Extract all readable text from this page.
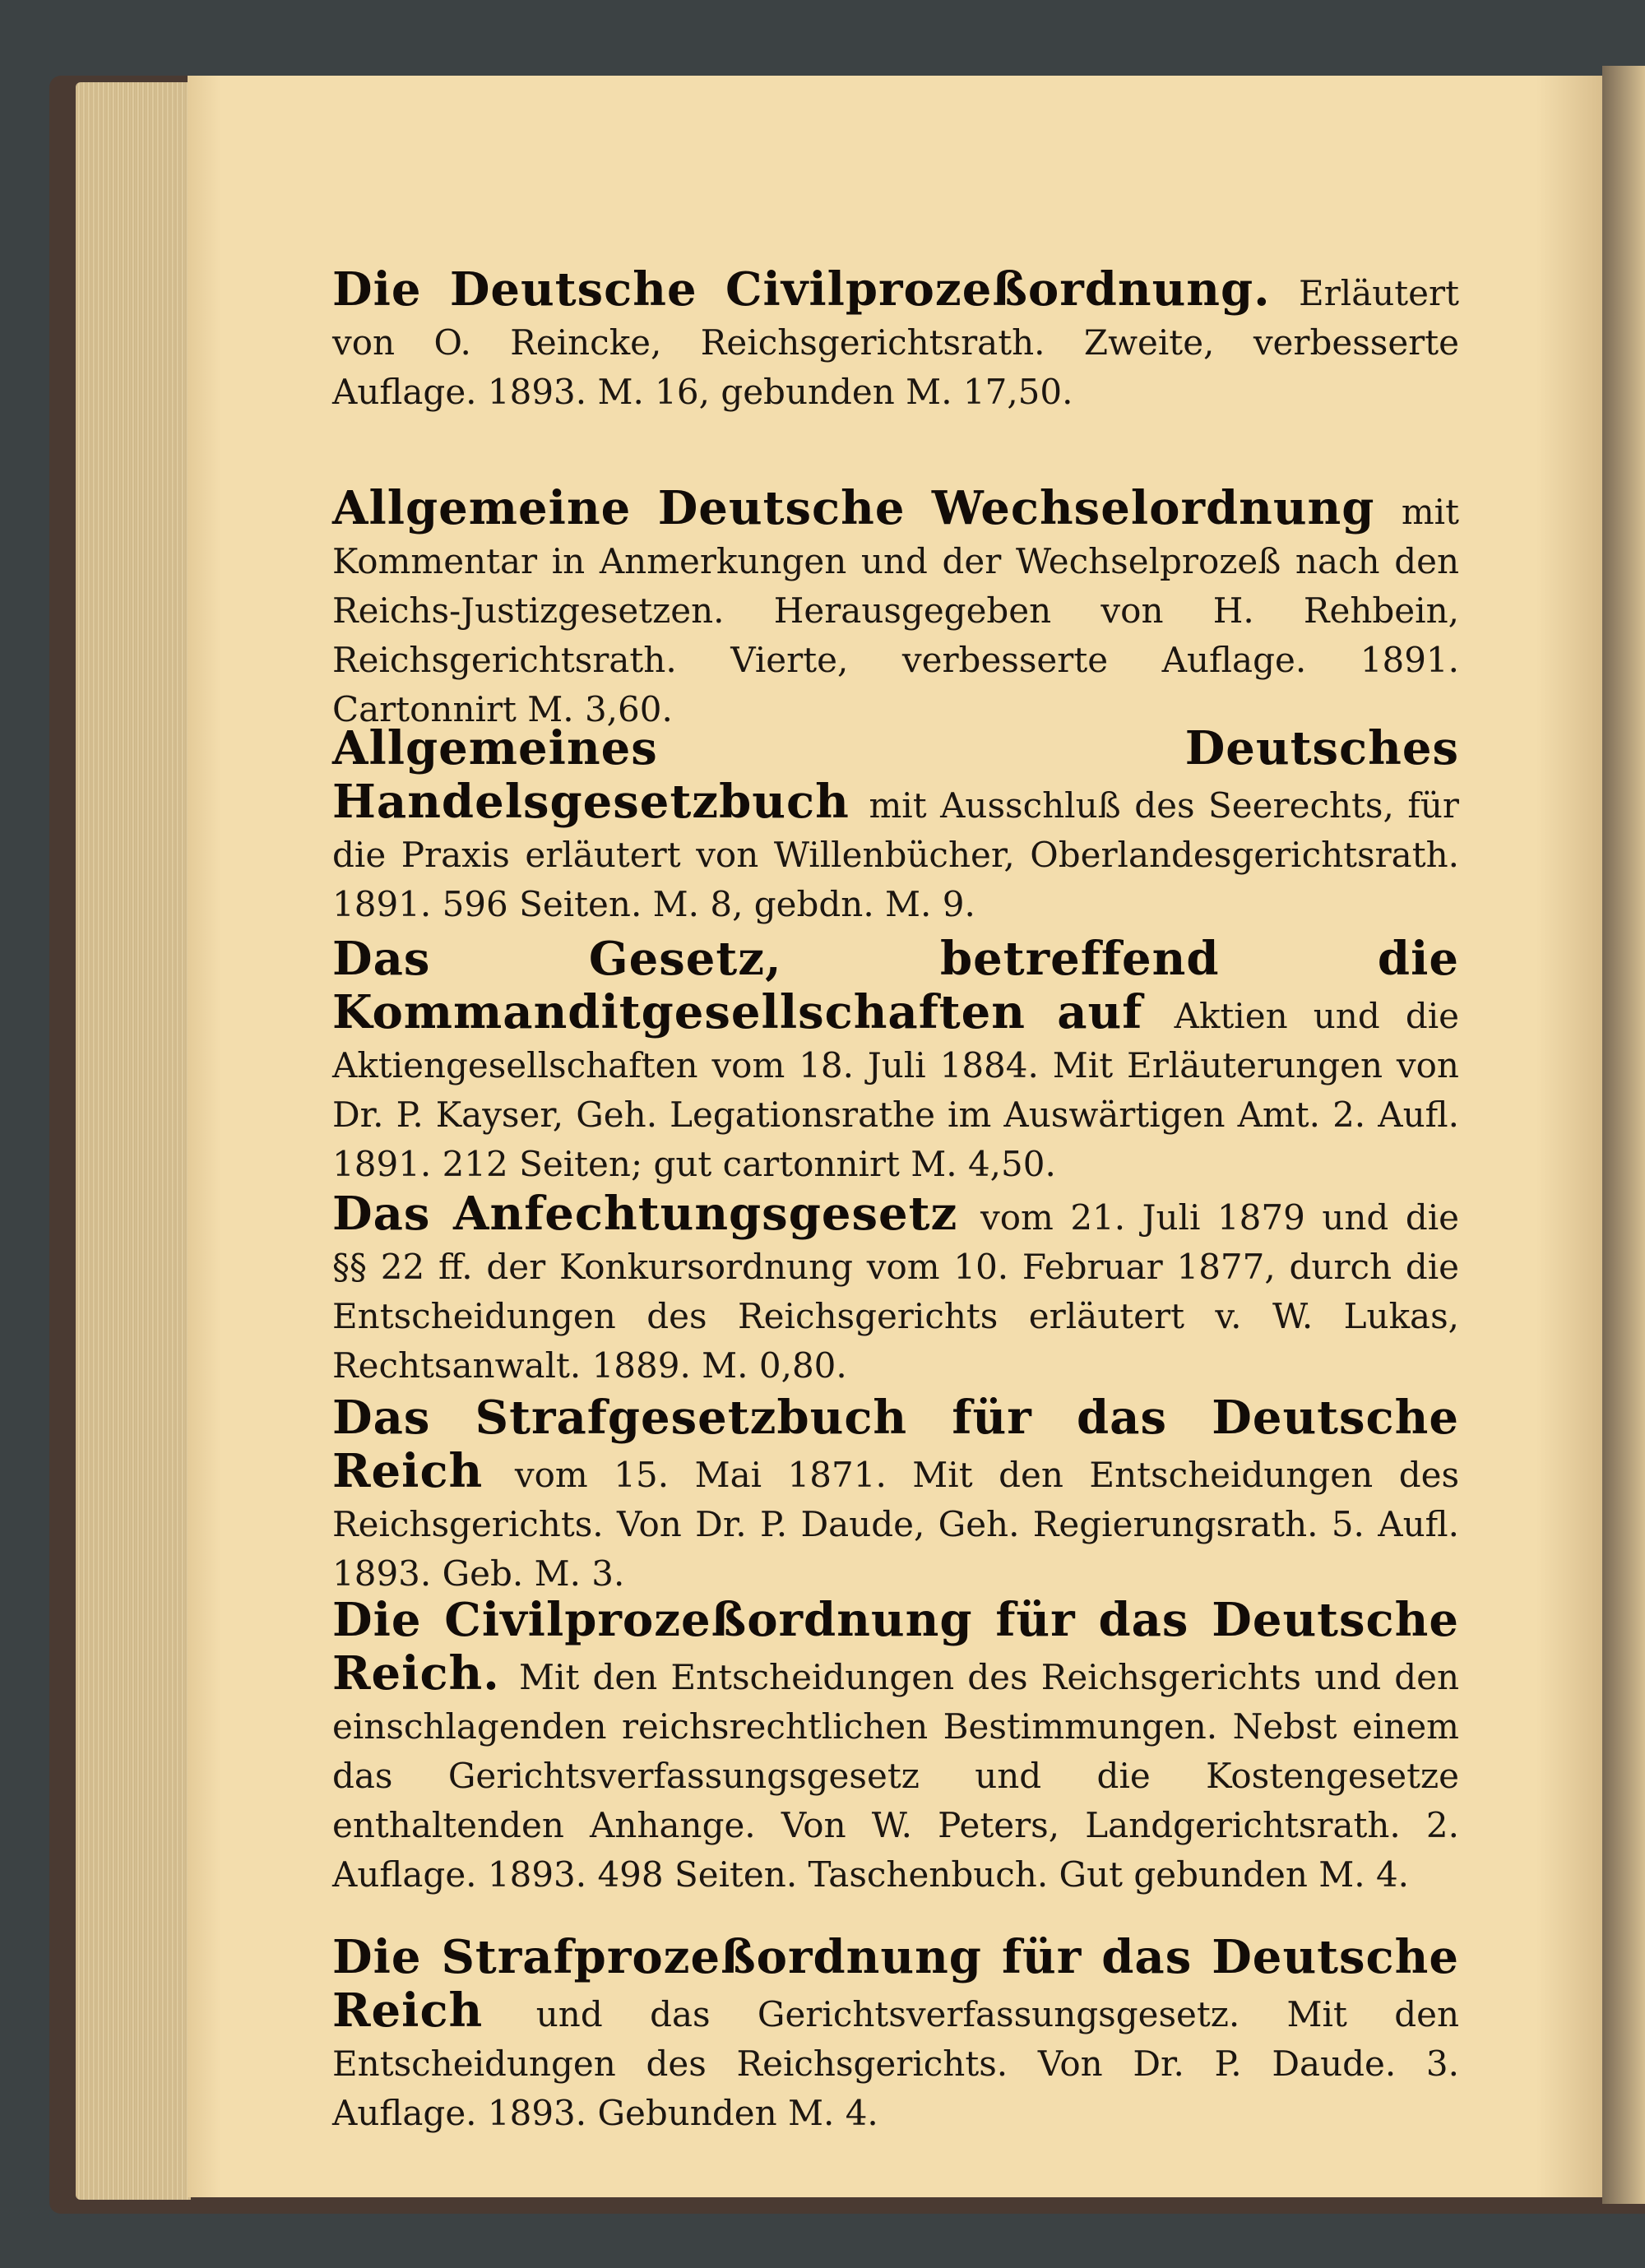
Die Deutsche Civilprozeßordnung. Erläutert von O. Reincke, Reichsgerichtsrath. Zweite, verbesserte Auflage. 1893. M. 16, gebunden M. 17,50.

Allgemeine Deutsche Wechselordnung mit Kommentar in Anmerkungen und der Wechselprozeß nach den Reichs-Justizgesetzen. Herausgegeben von H. Rehbein, Reichsgerichtsrath. Vierte, verbesserte Auflage. 1891. Cartonnirt M. 3,60.

Allgemeines Deutsches Handelsgesetzbuch mit Ausschluß des Seerechts, für die Praxis erläutert von Willenbücher, Oberlandesgerichtsrath. 1891. 596 Seiten. M. 8, gebdn. M. 9.

Das Gesetz, betreffend die Kommanditgesellschaften auf Aktien und die Aktiengesellschaften vom 18. Juli 1884. Mit Erläuterungen von Dr. P. Kayser, Geh. Legationsrathe im Auswärtigen Amt. 2. Aufl. 1891. 212 Seiten; gut cartonnirt M. 4,50.

Das Anfechtungsgesetz vom 21. Juli 1879 und die §§ 22 ff. der Konkursordnung vom 10. Februar 1877, durch die Entscheidungen des Reichsgerichts erläutert v. W. Lukas, Rechtsanwalt. 1889. M. 0,80.

Das Strafgesetzbuch für das Deutsche Reich vom 15. Mai 1871. Mit den Entscheidungen des Reichsgerichts. Von Dr. P. Daude, Geh. Regierungsrath. 5. Aufl. 1893. Geb. M. 3.

Die Civilprozeßordnung für das Deutsche Reich. Mit den Entscheidungen des Reichsgerichts und den einschlagenden reichsrechtlichen Bestimmungen. Nebst einem das Gerichtsverfassungsgesetz und die Kostengesetze enthaltenden Anhange. Von W. Peters, Landgerichtsrath. 2. Auflage. 1893. 498 Seiten. Taschenbuch. Gut gebunden M. 4.

Die Strafprozeßordnung für das Deutsche Reich und das Gerichtsverfassungsgesetz. Mit den Entscheidungen des Reichsgerichts. Von Dr. P. Daude. 3. Auflage. 1893. Gebunden M. 4.
